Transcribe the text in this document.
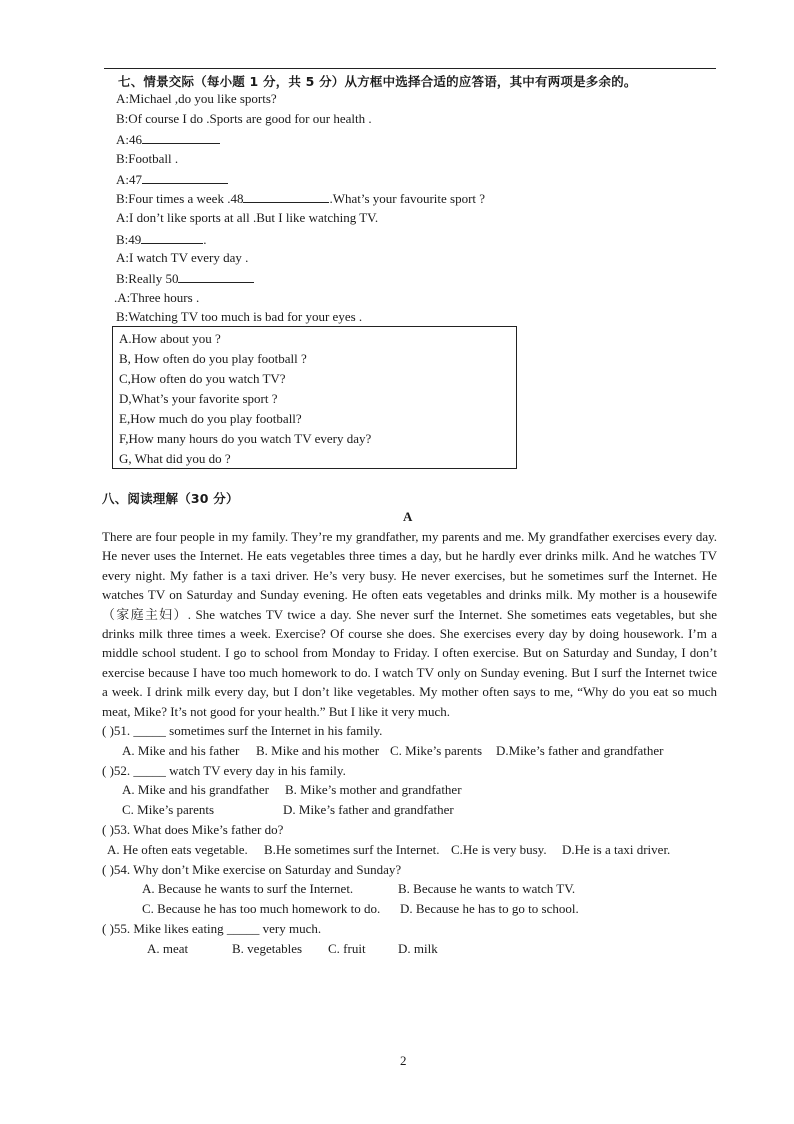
七、情景交际（每小题 1 分，共 5 分）从方框中选择合适的应答语，其中有两项是多余的。
A:Michael ,do you like sports?
B:Of course I do .Sports are good for our health .
A:46
B:Football .
A:47
B:Four times a week .48	.What’s your favourite sport ?
A:I don’t like sports at all .But I like watching TV.
B:49	.
A:I watch TV every day .
B:Really 50
.A:Three hours .
B:Watching TV too much is bad for your eyes .
A.How about you ?
B, How often do you play football ?
C,How often do you watch TV?
D,What’s your favorite sport ?
E,How much do you play football?
F,How many hours do you watch TV every day?
G, What did you do ?
八、阅读理解（30 分）
A
There are four people in my family. They’re my grandfather, my parents and me. My grandfather exercises every day.
He never uses the Internet. He eats vegetables three times a day, but he hardly ever drinks milk. And he watches TV
every night. My father is a taxi driver. He’s very busy. He never exercises, but he sometimes surf the Internet. He
watches TV on Saturday and Sunday evening. He often eats vegetables and drinks milk. My mother is a housewife
（家庭主妇）. She watches TV twice a day. She never surf the Internet. She sometimes eats vegetables, but she
drinks milk three times a week. Exercise? Of course she does. She exercises every day by doing housework. I’m a
middle school student. I go to school from Monday to Friday. I often exercise. But on Saturday and Sunday, I don’t
exercise because I have too much homework to do. I watch TV only on Sunday evening. But I surf the Internet twice
a week. I drink milk every day, but I don’t like vegetables. My mother often says to me, “Why do you eat so much
meat, Mike? It’s not good for your health.” But I like it very much.
( )51. _____ sometimes surf the Internet in his family.
A. Mike and his father B. Mike and his mother C. Mike’s parents D.Mike’s father and grandfather
( )52. _____ watch TV every day in his family.
A. Mike and his grandfather B. Mike’s mother and grandfather
C. Mike’s parents	D. Mike’s father and grandfather
( )53. What does Mike’s father do?
A. He often eats vegetable. B.He sometimes surf the Internet. C.He is very busy. D.He is a taxi driver.
( )54. Why don’t Mike exercise on Saturday and Sunday?
A. Because he wants to surf the Internet.	B. Because he wants to watch TV.
C. Because he has too much homework to do. D. Because he has to go to school.
( )55. Mike likes eating _____ very much.
A. meat	B. vegetables C. fruit D. milk
2
